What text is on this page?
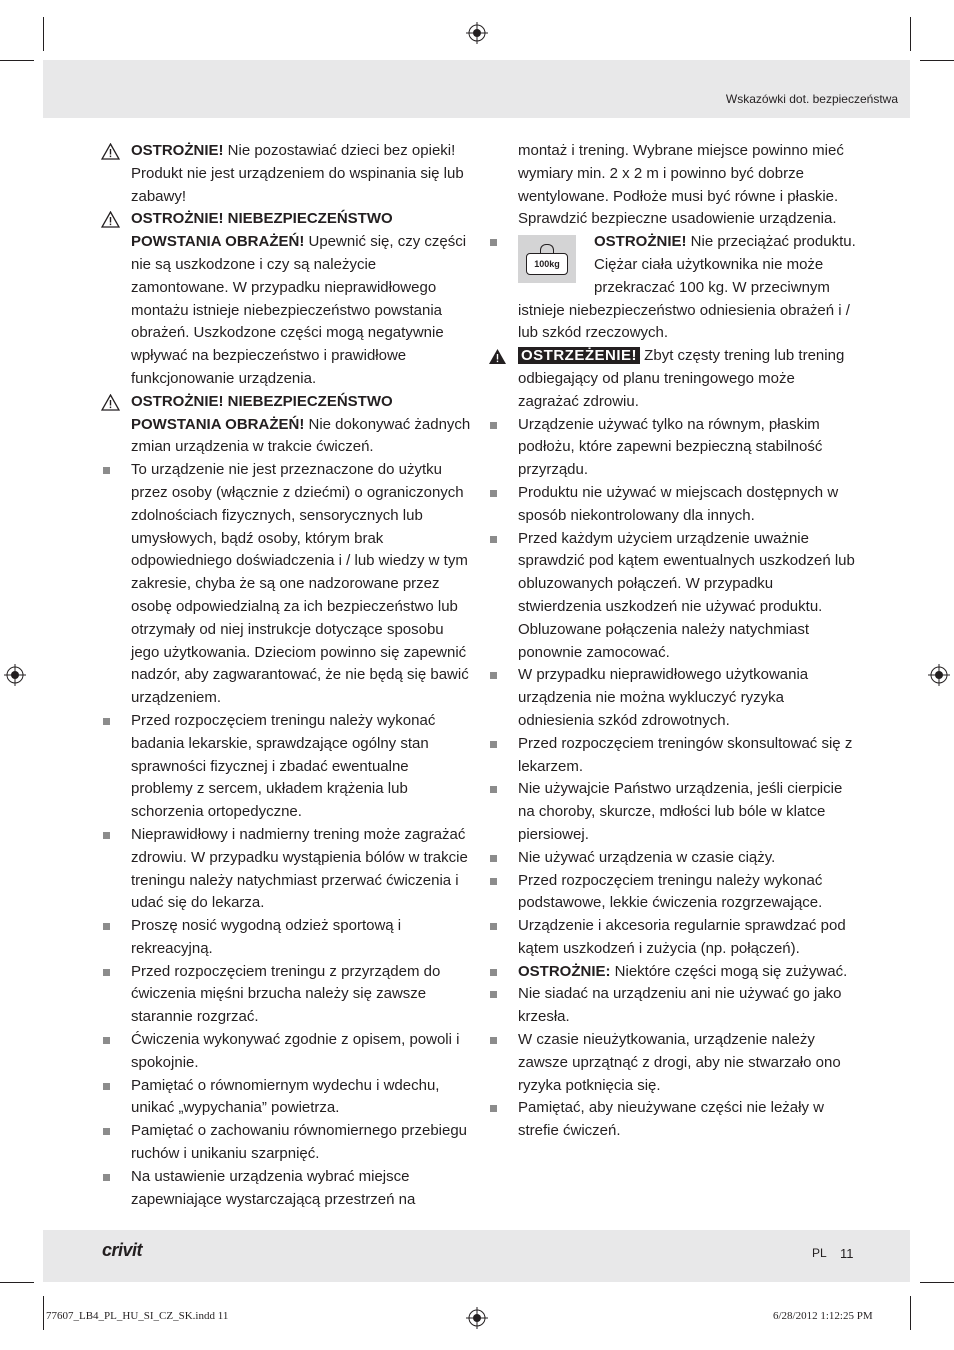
Wskazówki dot. bezpieczeństwa

OSTROŻNIE! Nie pozostawiać dzieci bez opieki! Produkt nie jest urządzeniem do wspinania się lub zabawy!

OSTROŻNIE! NIEBEZPIECZEŃSTWO POWSTANIA OBRAŻEŃ! Upewnić się, czy części nie są uszkodzone i czy są należycie zamontowane. W przypadku nieprawidłowego montażu istnieje niebezpieczeństwo powstania obrażeń. Uszkodzone części mogą negatywnie wpływać na bezpieczeństwo i prawidłowe funkcjonowanie urządzenia.

OSTROŻNIE! NIEBEZPIECZEŃSTWO POWSTANIA OBRAŻEŃ! Nie dokonywać żadnych zmian urządzenia w trakcie ćwiczeń.

To urządzenie nie jest przeznaczone do użytku przez osoby (włącznie z dziećmi) o ograniczonych zdolnościach fizycznych, sensorycznych lub umysłowych, bądź osoby, którym brak odpowiedniego doświadczenia i / lub wiedzy w tym zakresie, chyba że są one nadzorowane przez osobę odpowiedzialną za ich bezpieczeństwo lub otrzymały od niej instrukcje dotyczące sposobu jego użytkowania. Dzieciom powinno się zapewnić nadzór, aby zagwarantować, że nie będą się bawić urządzeniem.

Przed rozpoczęciem treningu należy wykonać badania lekarskie, sprawdzające ogólny stan sprawności fizycznej i zbadać ewentualne problemy z sercem, układem krążenia lub schorzenia ortopedyczne.

Nieprawidłowy i nadmierny trening może zagrażać zdrowiu. W przypadku wystąpienia bólów w trakcie treningu należy natychmiast przerwać ćwiczenia i udać się do lekarza.

Proszę nosić wygodną odzież sportową i rekreacyjną.

Przed rozpoczęciem treningu z przyrządem do ćwiczenia mięśni brzucha należy się zawsze starannie rozgrzać.

Ćwiczenia wykonywać zgodnie z opisem, powoli i spokojnie.

Pamiętać o równomiernym wydechu i wdechu, unikać „wypychania” powietrza.

Pamiętać o zachowaniu równomiernego przebiegu ruchów i unikaniu szarpnięć.

Na ustawienie urządzenia wybrać miejsce zapewniające wystarczającą przestrzeń na

montaż i trening. Wybrane miejsce powinno mieć wymiary min. 2 x 2 m i powinno być dobrze wentylowane. Podłoże musi być równe i płaskie. Sprawdzić bezpieczne usadowienie urządzenia.

100kg
OSTROŻNIE! Nie przeciążać produktu. Ciężar ciała użytkownika nie może przekraczać 100 kg. W przeciwnym istnieje niebezpieczeństwo odniesienia obrażeń i / lub szkód rzeczowych.

OSTRZEŻENIE! Zbyt częsty trening lub trening odbiegający od planu treningowego może zagrażać zdrowiu.

Urządzenie używać tylko na równym, płaskim podłożu, które zapewni bezpieczną stabilność przyrządu.

Produktu nie używać w miejscach dostępnych w sposób niekontrolowany dla innych.

Przed każdym użyciem urządzenie uważnie sprawdzić pod kątem ewentualnych uszkodzeń lub obluzowanych połączeń. W przypadku stwierdzenia uszkodzeń nie używać produktu. Obluzowane połączenia należy natychmiast ponownie zamocować.

W przypadku nieprawidłowego użytkowania urządzenia nie można wykluczyć ryzyka odniesienia szkód zdrowotnych.

Przed rozpoczęciem treningów skonsultować się z lekarzem.

Nie używajcie Państwo urządzenia, jeśli cierpicie na choroby, skurcze, mdłości lub bóle w klatce piersiowej.

Nie używać urządzenia w czasie ciąży.

Przed rozpoczęciem treningu należy wykonać podstawowe, lekkie ćwiczenia rozgrzewające.

Urządzenie i akcesoria regularnie sprawdzać pod kątem uszkodzeń i zużycia (np. połączeń).

OSTROŻNIE: Niektóre części mogą się zużywać.

Nie siadać na urządzeniu ani nie używać go jako krzesła.

W czasie nieużytkowania, urządzenie należy zawsze uprzątnąć z drogi, aby nie stwarzało ono ryzyka potknięcia się.

Pamiętać, aby nieużywane części nie leżały w strefie ćwiczeń.

crivit	PL 11
77607_LB4_PL_HU_SI_CZ_SK.indd 11	6/28/2012 1:12:25 PM
